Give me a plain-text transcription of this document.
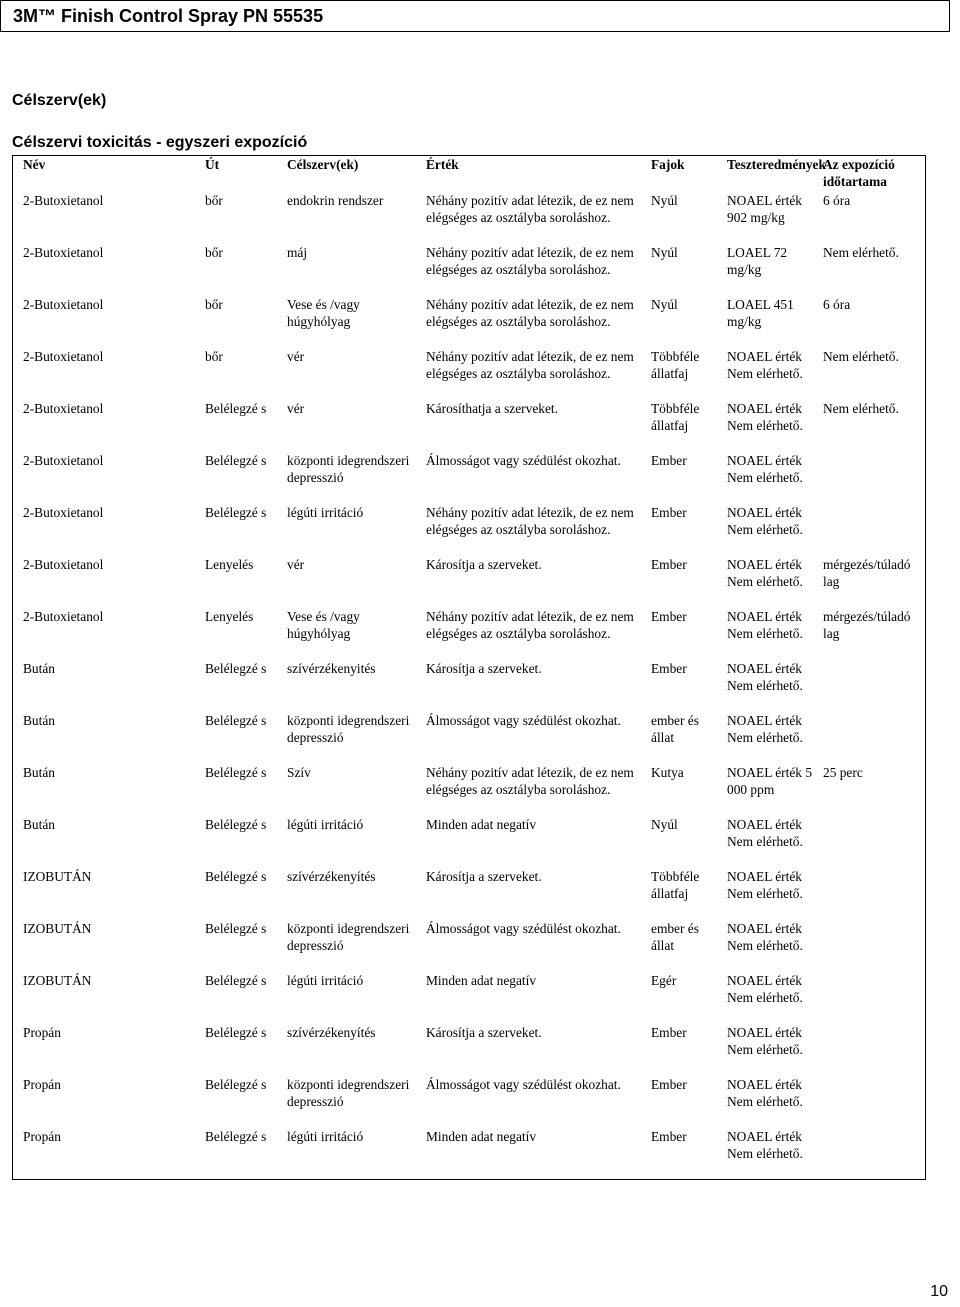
3M™ Finish Control Spray PN 55535
Célszerv(ek)
Célszervi toxicitás - egyszeri expozíció
Név	Út	Célszerv(ek)	Érték	Fajok	Teszteredmények	Az expozíció időtartama
2-Butoxietanol	bőr	endokrin rendszer	Néhány pozitív adat létezik, de ez nem elégséges az osztályba soroláshoz.	Nyúl	NOAEL érték 902 mg/kg	6 óra
2-Butoxietanol	bőr	máj	Néhány pozitív adat létezik, de ez nem elégséges az osztályba soroláshoz.	Nyúl	LOAEL 72 mg/kg	Nem elérhető.
2-Butoxietanol	bőr	Vese és /vagy húgyhólyag	Néhány pozitív adat létezik, de ez nem elégséges az osztályba soroláshoz.	Nyúl	LOAEL 451 mg/kg	6 óra
2-Butoxietanol	bőr	vér	Néhány pozitív adat létezik, de ez nem elégséges az osztályba soroláshoz.	Többféle állatfaj	NOAEL érték Nem elérhető.	Nem elérhető.
2-Butoxietanol	Belélegzé s	vér	Károsíthatja a szerveket.	Többféle állatfaj	NOAEL érték Nem elérhető.	Nem elérhető.
2-Butoxietanol	Belélegzé s	központi idegrendszeri depresszió	Álmosságot vagy szédülést okozhat.	Ember	NOAEL érték Nem elérhető.	
2-Butoxietanol	Belélegzé s	légúti irritáció	Néhány pozitív adat létezik, de ez nem elégséges az osztályba soroláshoz.	Ember	NOAEL érték Nem elérhető.	
2-Butoxietanol	Lenyelés	vér	Károsítja a szerveket.	Ember	NOAEL érték Nem elérhető.	mérgezés/túladó lag
2-Butoxietanol	Lenyelés	Vese és /vagy húgyhólyag	Néhány pozitív adat létezik, de ez nem elégséges az osztályba soroláshoz.	Ember	NOAEL érték Nem elérhető.	mérgezés/túladó lag
Bután	Belélegzé s	szívérzékenyités	Károsítja a szerveket.	Ember	NOAEL érték Nem elérhető.	
Bután	Belélegzé s	központi idegrendszeri depresszió	Álmosságot vagy szédülést okozhat.	ember és állat	NOAEL érték Nem elérhető.	
Bután	Belélegzé s	Szív	Néhány pozitív adat létezik, de ez nem elégséges az osztályba soroláshoz.	Kutya	NOAEL érték 5 000 ppm	25 perc
Bután	Belélegzé s	légúti irritáció	Minden adat negatív	Nyúl	NOAEL érték Nem elérhető.	
IZOBUTÁN	Belélegzé s	szívérzékenyítés	Károsítja a szerveket.	Többféle állatfaj	NOAEL érték Nem elérhető.	
IZOBUTÁN	Belélegzé s	központi idegrendszeri depresszió	Álmosságot vagy szédülést okozhat.	ember és állat	NOAEL érték Nem elérhető.	
IZOBUTÁN	Belélegzé s	légúti irritáció	Minden adat negatív	Egér	NOAEL érték Nem elérhető.	
Propán	Belélegzé s	szívérzékenyítés	Károsítja a szerveket.	Ember	NOAEL érték Nem elérhető.	
Propán	Belélegzé s	központi idegrendszeri depresszió	Álmosságot vagy szédülést okozhat.	Ember	NOAEL érték Nem elérhető.	
Propán	Belélegzé s	légúti irritáció	Minden adat negatív	Ember	NOAEL érték Nem elérhető.	
10
